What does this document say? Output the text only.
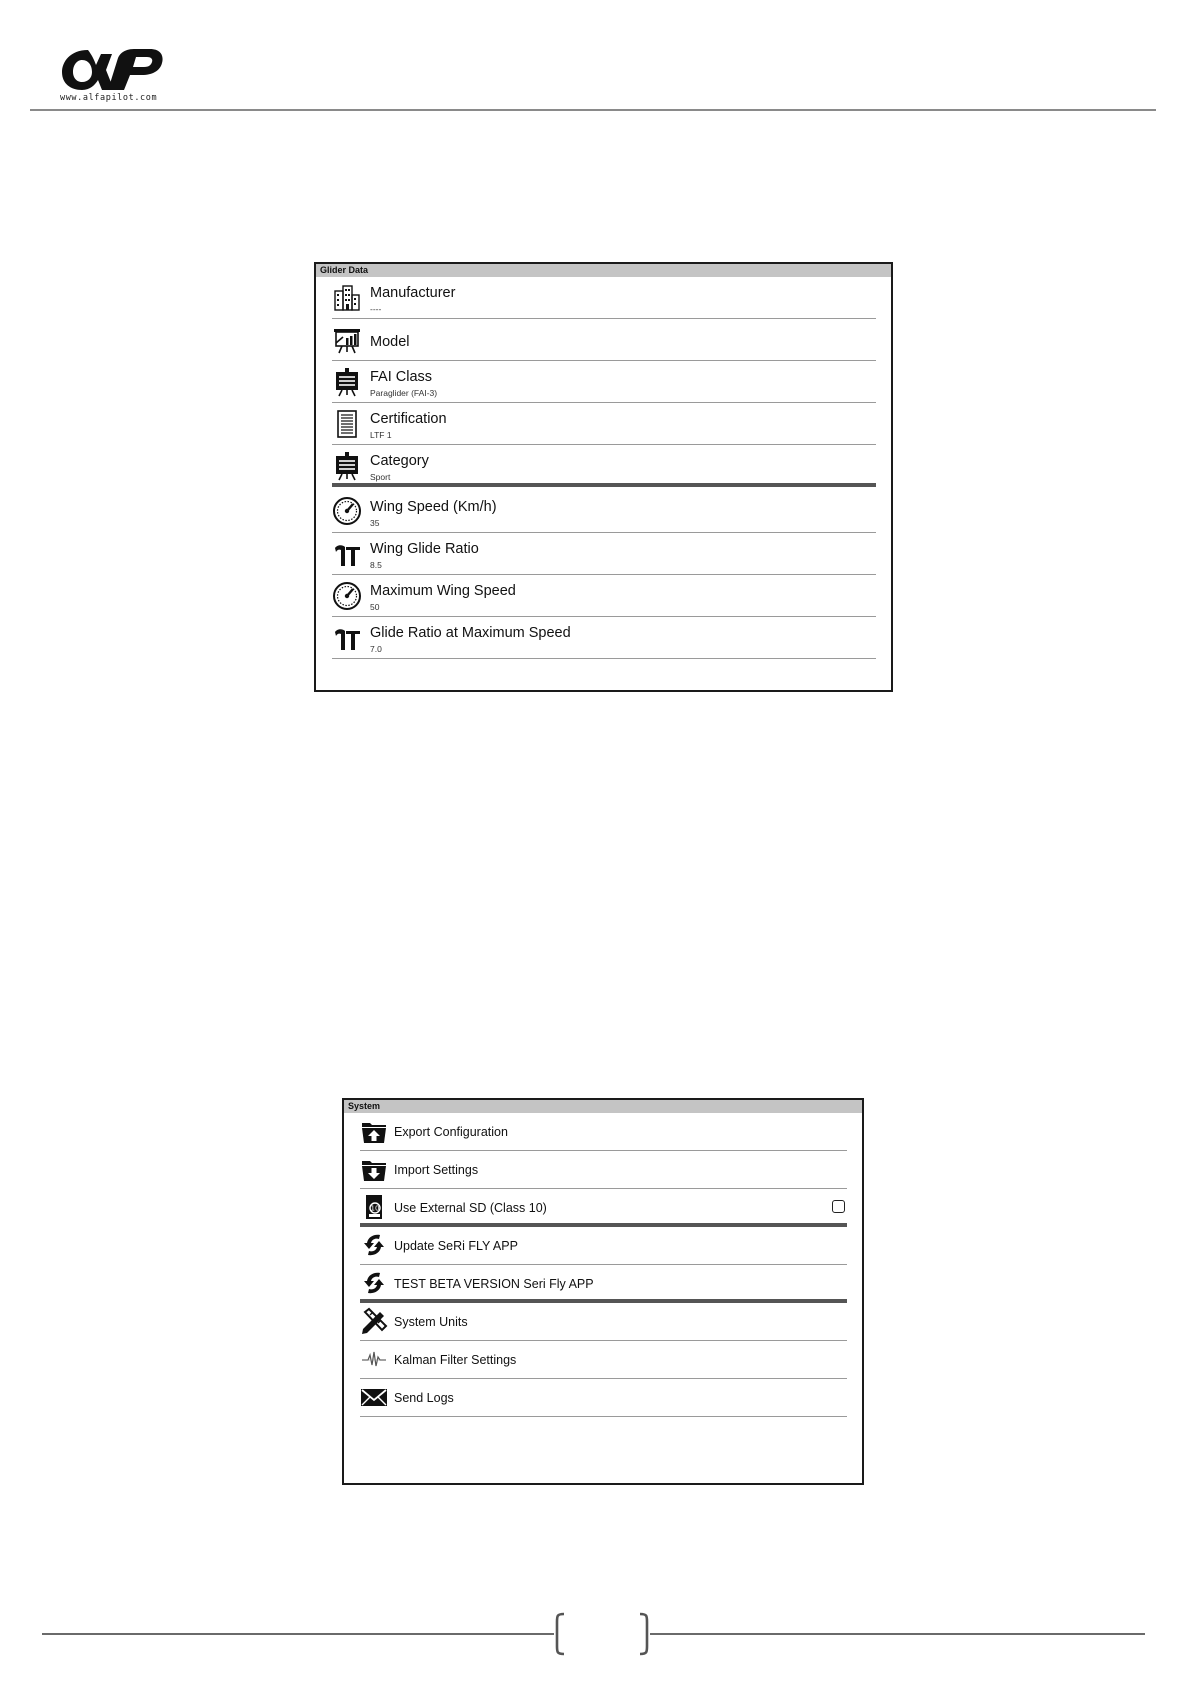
www.alfapilot.com
Glider Data
Manufacturer
----
Model
FAI Class
Paraglider (FAI-3)
Certification
LTF 1
Category
Sport
Wing Speed (Km/h)
35
Wing Glide Ratio
8.5
Maximum Wing Speed
50
Glide Ratio at Maximum Speed
7.0
System
Export Configuration
Import Settings
10 Use External SD (Class 10)
Update SeRi FLY APP
TEST BETA VERSION Seri Fly APP
System Units
Kalman Filter Settings
Send Logs
